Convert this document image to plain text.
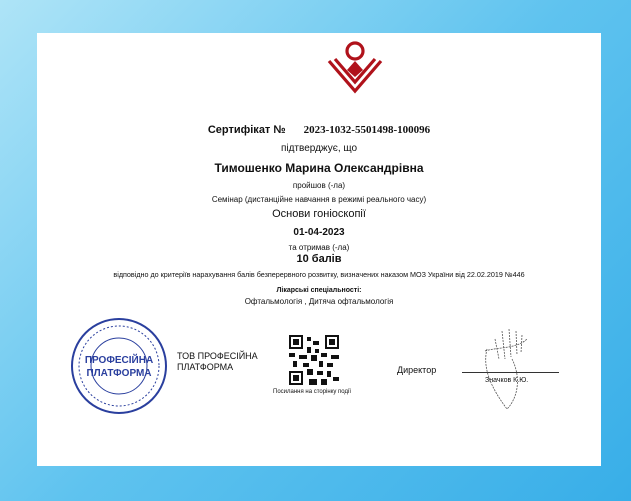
Сертифікат № 2023-1032-5501498-100096
підтверджує, що
Тимошенко Марина Олександрівна
пройшов (-ла)
Семінар (дистанційне навчання в режимі реального часу)
Основи гоніоскопії
01-04-2023
та отримав (-ла)
10 балів
відповідно до критеріїв нарахування балів безперервного розвитку, визначених наказом МОЗ України від 22.02.2019 №446
Лікарські спеціальності:
Офтальмологія , Дитяча офтальмологія
ПРОФЕСІЙНА
ПЛАТФОРМА
ТОВ ПРОФЕСІЙНА
ПЛАТФОРМА
Посилання на сторінку події
Директор
Значков К.Ю.
